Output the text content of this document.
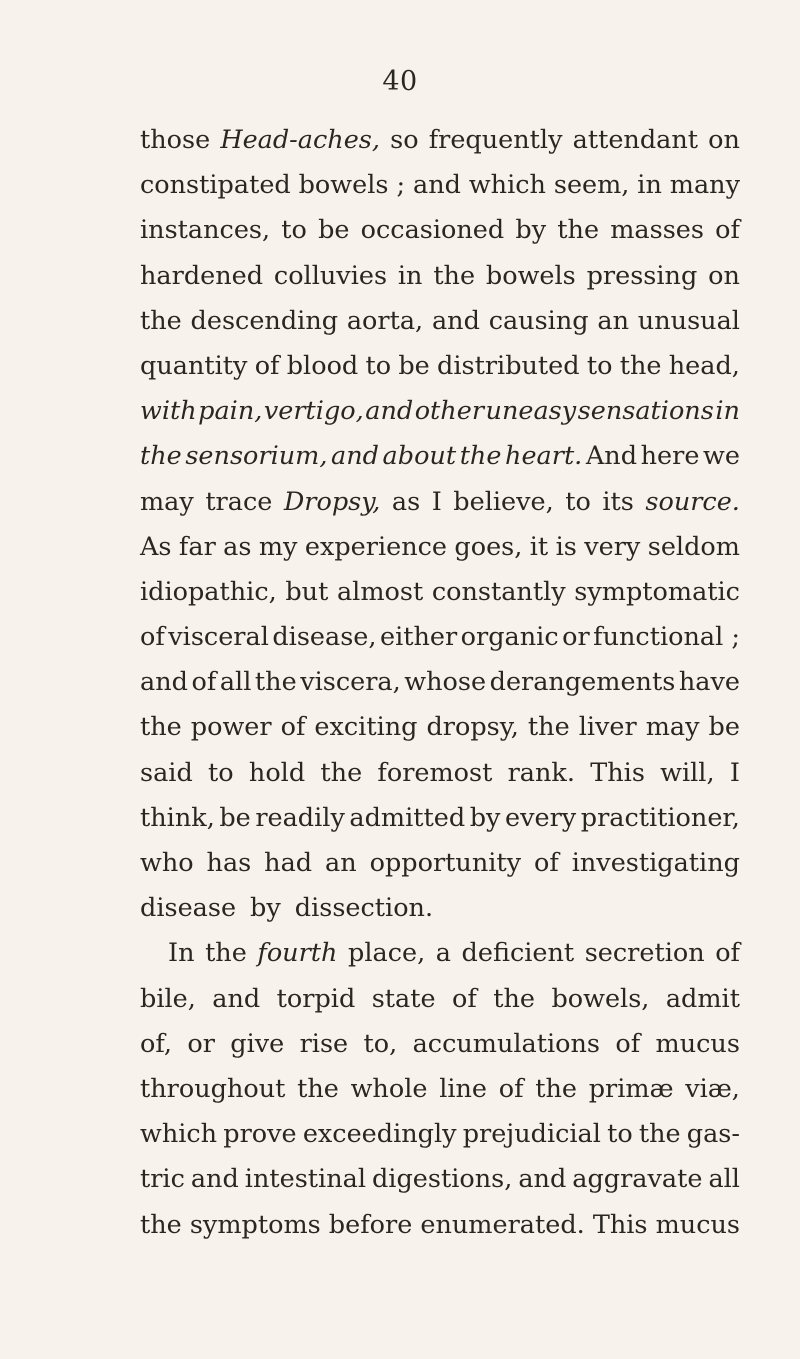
40
those Head-aches, so frequently attendant on
constipated bowels ; and which seem, in many
instances, to be occasioned by the masses of
hardened colluvies in the bowels pressing on
the descending aorta, and causing an unusual
quantity of blood to be distributed to the head,
with pain, vertigo, and other uneasy sensations in
the sensorium, and about the heart. And here we
may trace Dropsy, as I believe, to its source.
As far as my experience goes, it is very seldom
idiopathic, but almost constantly symptomatic
of visceral disease, either organic or functional ;
and of all the viscera, whose derangements have
the power of exciting dropsy, the liver may be
said to hold the foremost rank. This will, I
think, be readily admitted by every practitioner,
who has had an opportunity of investigating
disease by dissection.
In the fourth place, a deficient secretion of
bile, and torpid state of the bowels, admit
of, or give rise to, accumulations of mucus
throughout the whole line of the primæ viæ,
which prove exceedingly prejudicial to the gas-
tric and intestinal digestions, and aggravate all
the symptoms before enumerated. This mucus
